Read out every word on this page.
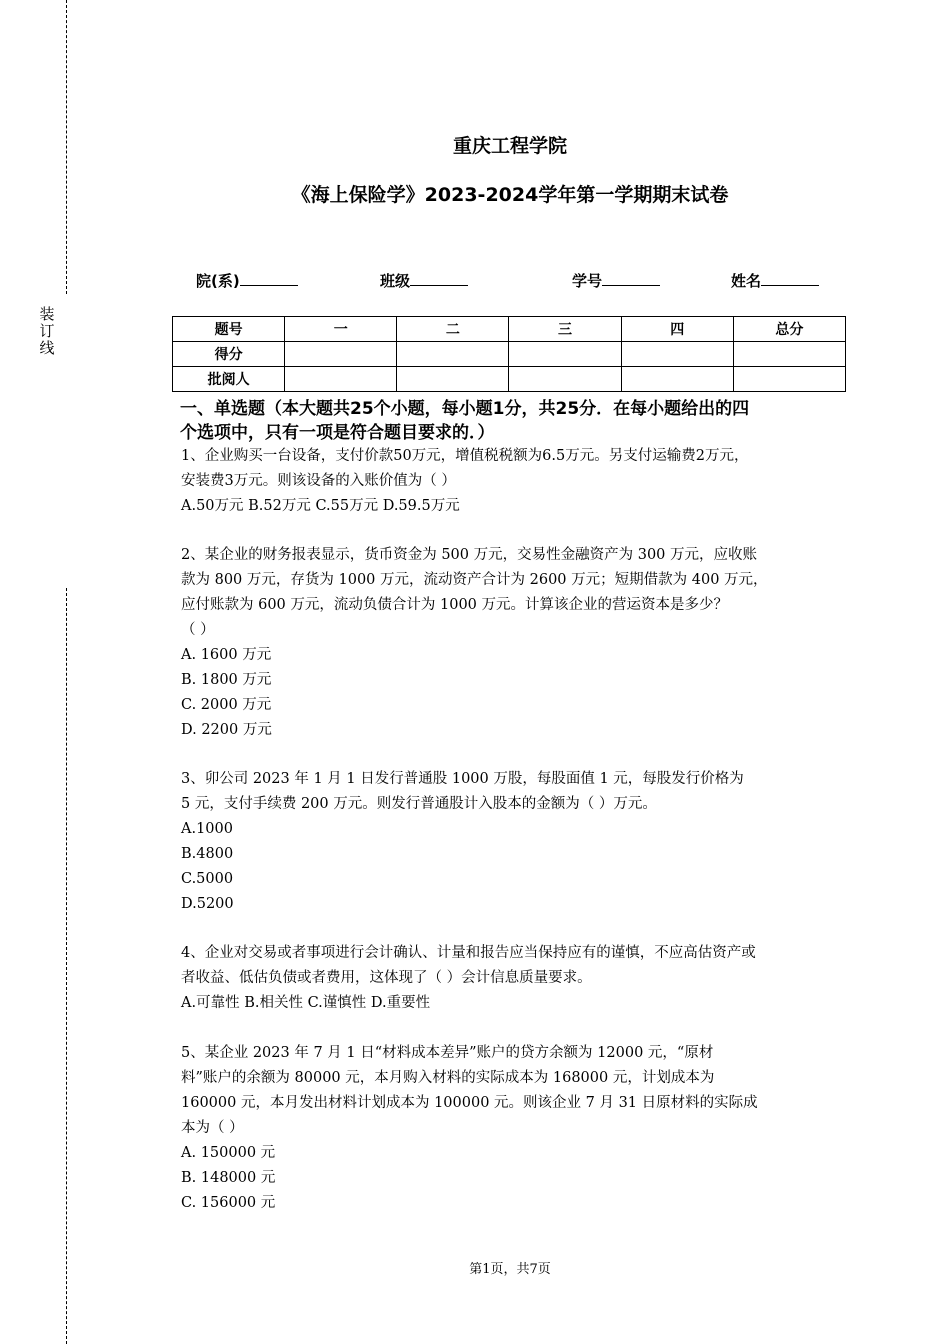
装
订
线
重庆工程学院
《海上保险学》2023-2024学年第一学期期末试卷
院(系)	班级	学号	姓名
题号	一	二	三	四	总分
得分					
批阅人					
一、单选题（本大题共25个小题，每小题1分，共25分．在每小题给出的四
个选项中，只有一项是符合题目要求的．）
1、企业购买一台设备，支付价款50万元，增值税税额为6.5万元。另支付运输费2万元，
安装费3万元。则该设备的入账价值为（ ）
A.50万元 B.52万元 C.55万元 D.59.5万元
2、某企业的财务报表显示，货币资金为 500 万元，交易性金融资产为 300 万元，应收账
款为 800 万元，存货为 1000 万元，流动资产合计为 2600 万元；短期借款为 400 万元，
应付账款为 600 万元，流动负债合计为 1000 万元。计算该企业的营运资本是多少？
（ ）
A. 1600 万元
B. 1800 万元
C. 2000 万元
D. 2200 万元
3、卯公司 2023 年 1 月 1 日发行普通股 1000 万股，每股面值 1 元，每股发行价格为
5 元，支付手续费 200 万元。则发行普通股计入股本的金额为（ ）万元。
A.1000
B.4800
C.5000
D.5200
4、企业对交易或者事项进行会计确认、计量和报告应当保持应有的谨慎，不应高估资产或
者收益、低估负债或者费用，这体现了（ ）会计信息质量要求。
A.可靠性 B.相关性 C.谨慎性 D.重要性
5、某企业 2023 年 7 月 1 日“材料成本差异”账户的贷方余额为 12000 元，“原材
料”账户的余额为 80000 元，本月购入材料的实际成本为 168000 元，计划成本为
160000 元，本月发出材料计划成本为 100000 元。则该企业 7 月 31 日原材料的实际成
本为（ ）
A. 150000 元
B. 148000 元
C. 156000 元
第1页，共7页
